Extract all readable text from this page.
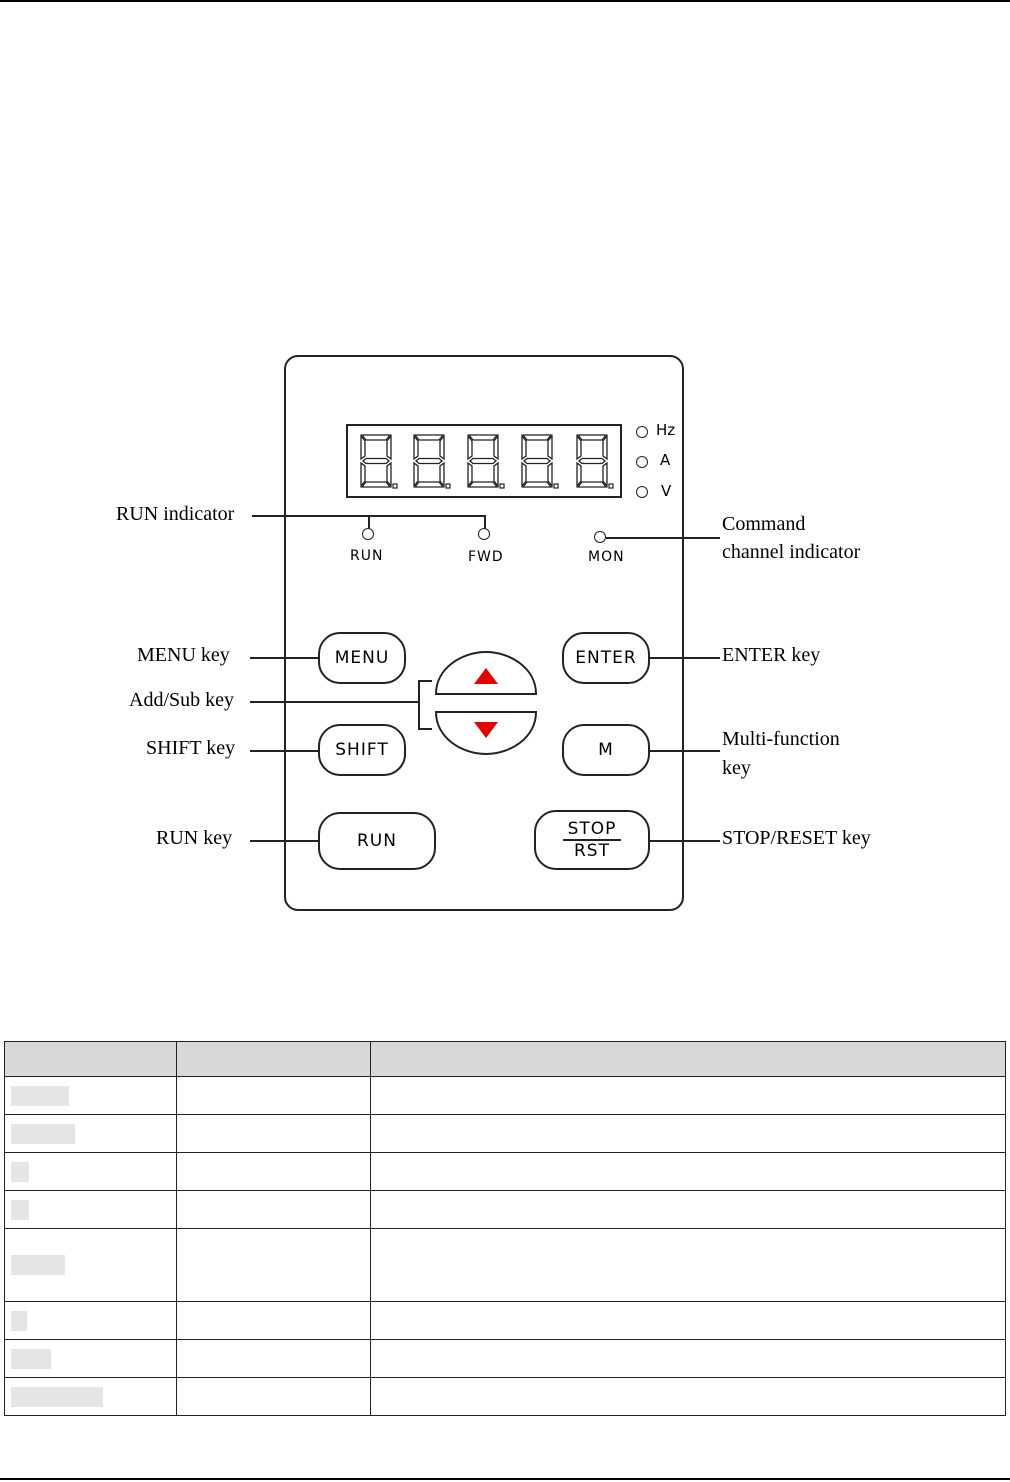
Hz
A
V
RUN	FWD	MON
MENU	ENTER
SHIFT	M
RUN
STOP
RST
RUN indicator	Command
channel indicator
MENU key	ENTER key
Add/Sub key
SHIFT key	Multi-function
key
RUN key	STOP/RESET key
